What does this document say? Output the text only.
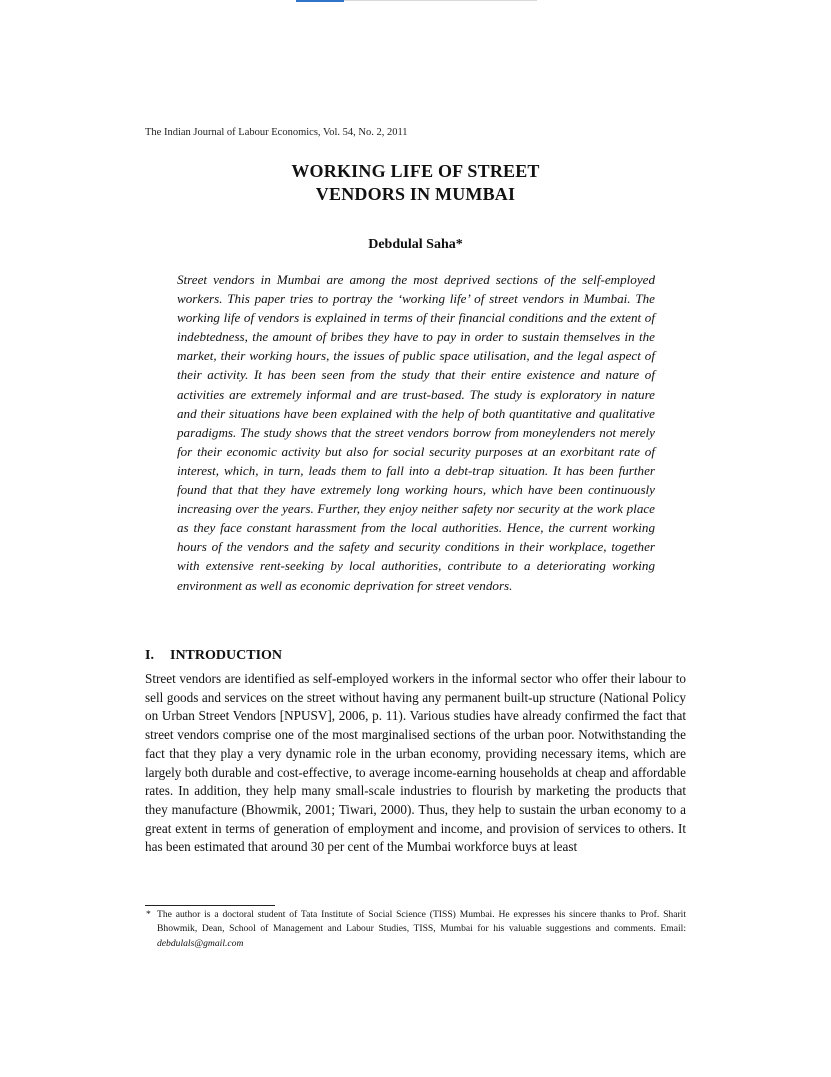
The Indian Journal of Labour Economics, Vol. 54, No. 2, 2011
WORKING LIFE OF STREET
VENDORS IN MUMBAI
Debdulal Saha*
Street vendors in Mumbai are among the most deprived sections of the self-employed workers. This paper tries to portray the ‘working life’ of street vendors in Mumbai. The working life of vendors is explained in terms of their financial conditions and the extent of indebtedness, the amount of bribes they have to pay in order to sustain themselves in the market, their working hours, the issues of public space utilisation, and the legal aspect of their activity. It has been seen from the study that their entire existence and nature of activities are extremely informal and are trust-based. The study is exploratory in nature and their situations have been explained with the help of both quantitative and qualitative paradigms. The study shows that the street vendors borrow from moneylenders not merely for their economic activity but also for social security purposes at an exorbitant rate of interest, which, in turn, leads them to fall into a debt-trap situation. It has been further found that that they have extremely long working hours, which have been continuously increasing over the years. Further, they enjoy neither safety nor security at the work place as they face constant harassment from the local authorities. Hence, the current working hours of the vendors and the safety and security conditions in their workplace, together with extensive rent-seeking by local authorities, contribute to a deteriorating working environment as well as economic deprivation for street vendors.
I. INTRODUCTION
Street vendors are identified as self-employed workers in the informal sector who offer their labour to sell goods and services on the street without having any permanent built-up structure (National Policy on Urban Street Vendors [NPUSV], 2006, p. 11). Various studies have already confirmed the fact that street vendors comprise one of the most marginalised sections of the urban poor. Notwithstanding the fact that they play a very dynamic role in the urban economy, providing necessary items, which are largely both durable and cost-effective, to average income-earning households at cheap and affordable rates. In addition, they help many small-scale industries to flourish by marketing the products that they manufacture (Bhowmik, 2001; Tiwari, 2000). Thus, they help to sustain the urban economy to a great extent in terms of generation of employment and income, and provision of services to others. It has been estimated that around 30 per cent of the Mumbai workforce buys at least
* The author is a doctoral student of Tata Institute of Social Science (TISS) Mumbai. He expresses his sincere thanks to Prof. Sharit Bhowmik, Dean, School of Management and Labour Studies, TISS, Mumbai for his valuable suggestions and comments. Email: debdulals@gmail.com
